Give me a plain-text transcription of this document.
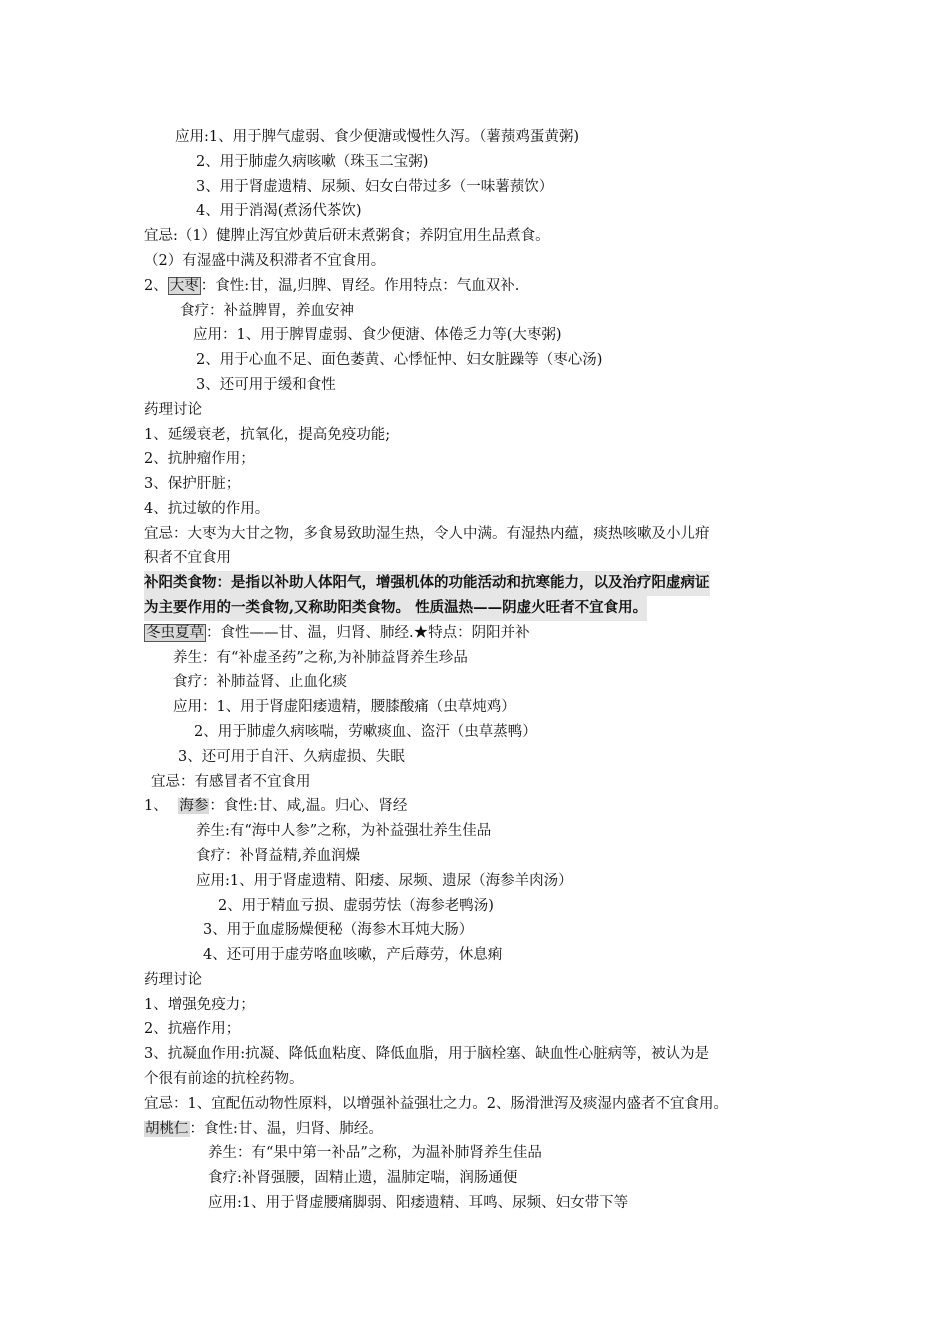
应用:1、用于脾气虚弱、食少便溏或慢性久泻。（薯蓣鸡蛋黄粥)
2、用于肺虚久病咳嗽（珠玉二宝粥)
3、用于肾虚遗精、尿频、妇女白带过多（一味薯蓣饮）
4、用于消渴(煮汤代茶饮)
宜忌:（1）健脾止泻宜炒黄后研末煮粥食；养阴宜用生品煮食。
（2）有湿盛中满及积滞者不宜食用。
2、 大枣 ：食性:甘，温,归脾、胃经。作用特点：气血双补.
食疗：补益脾胃，养血安神
应用：1、用于脾胃虚弱、食少便溏、体倦乏力等(大枣粥)
2、用于心血不足、面色萎黄、心悸怔忡、妇女脏躁等（枣心汤)
3、还可用于缓和食性
药理讨论
1、延缓衰老，抗氧化，提高免疫功能;
2、抗肿瘤作用；
3、保护肝脏；
4、抗过敏的作用。
宜忌：大枣为大甘之物，多食易致助湿生热，令人中满。有湿热内蕴，痰热咳嗽及小儿疳
积者不宜食用
补阳类食物：是指以补助人体阳气，增强机体的功能活动和抗寒能力，以及治疗阳虚病证
为主要作用的一类食物,又称助阳类食物。 性质温热——阴虚火旺者不宜食用。
冬虫夏草 ：食性——甘、温，归肾、肺经.★特点：阴阳并补
养生：有“补虚圣药”之称,为补肺益肾养生珍品
食疗：补肺益肾、止血化痰
应用：1、用于肾虚阳痿遗精，腰膝酸痛（虫草炖鸡）
2、用于肺虚久病咳喘，劳嗽痰血、盗汗（虫草蒸鸭）
3、还可用于自汗、久病虚损、失眠
宜忌：有感冒者不宜食用
1、 海参：食性:甘、咸,温。归心、肾经
养生:有“海中人参”之称，为补益强壮养生佳品
食疗：补肾益精,养血润燥
应用:1、用于肾虚遗精、阳痿、尿频、遗尿（海参羊肉汤）
2、用于精血亏损、虚弱劳怯（海参老鸭汤)
3、用于血虚肠燥便秘（海参木耳炖大肠）
4、还可用于虚劳咯血咳嗽，产后蓐劳，休息痢
药理讨论
1、增强免疫力；
2、抗癌作用；
3、抗凝血作用:抗凝、降低血粘度、降低血脂，用于脑栓塞、缺血性心脏病等，被认为是
个很有前途的抗栓药物。
宜忌：1、宜配伍动物性原料，以增强补益强壮之力。2、肠滑泄泻及痰湿内盛者不宜食用。
胡桃仁：食性:甘、温，归肾、肺经。
养生：有“果中第一补品”之称，为温补肺肾养生佳品
食疗:补肾强腰，固精止遗，温肺定喘，润肠通便
应用:1、用于肾虚腰痛脚弱、阳痿遗精、耳鸣、尿频、妇女带下等
